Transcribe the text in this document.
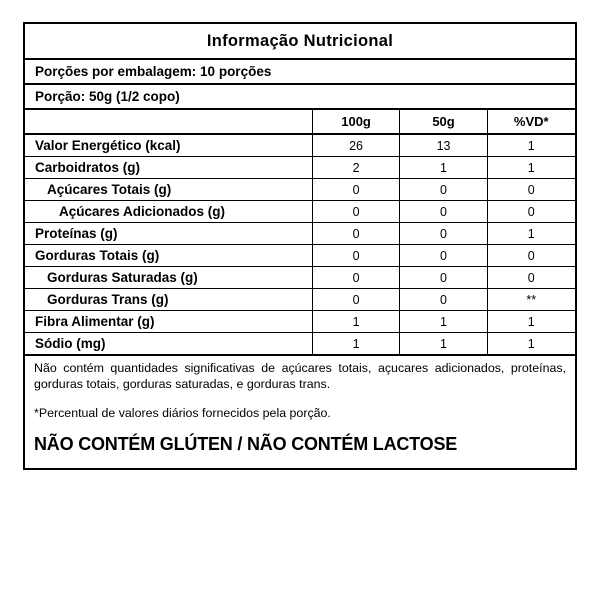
Informação Nutricional
Porções por embalagem: 10 porções
Porção: 50g (1/2 copo)
	100g	50g	%VD*
Valor Energético (kcal)	26	13	1
Carboidratos (g)	2	1	1
Açúcares Totais (g)	0	0	0
Açúcares Adicionados (g)	0	0	0
Proteínas (g)	0	0	1
Gorduras Totais (g)	0	0	0
Gorduras Saturadas (g)	0	0	0
Gorduras Trans (g)	0	0	**
Fibra Alimentar (g)	1	1	1
Sódio (mg)	1	1	1

Não contém quantidades significativas de açúcares totais, açucares adicionados, proteínas, gorduras totais, gorduras saturadas, e gorduras trans.

*Percentual de valores diários fornecidos pela porção.

NÃO CONTÉM GLÚTEN / NÃO CONTÉM LACTOSE
